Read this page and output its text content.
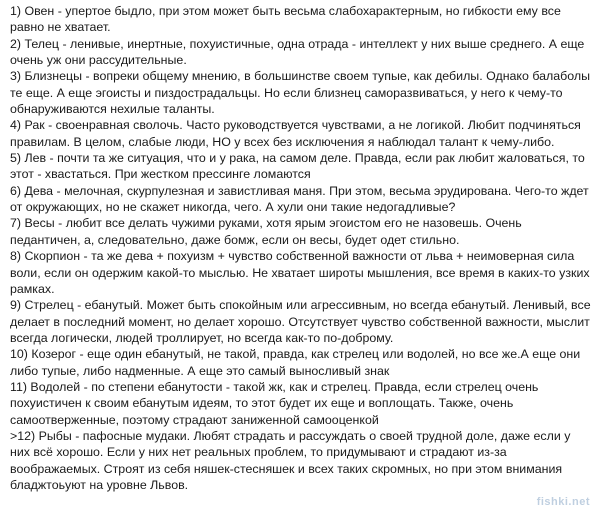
1) Овен - упертое быдло, при этом может быть весьма слабохарактерным, но гибкости ему все равно не хватает.

2) Телец - ленивые, инертные, похуистичные, одна отрада - интеллект у них выше среднего. А еще очень уж они рассудительные.

3) Близнецы - вопреки общему мнению, в большинстве своем тупые, как дебилы. Однако балаболы те еще. А еще эгоисты и пиздострадальцы. Но если близнец саморазвиваться, у него к чему-то обнаруживаются нехилые таланты.

4) Рак - своенравная сволочь. Часто руководствуется чувствами, а не логикой. Любит подчиняться правилам. В целом, слабые люди, НО у всех без исключения я наблюдал талант к чему-либо.

5) Лев - почти та же ситуация, что и у рака, на самом деле. Правда, если рак любит жаловаться, то этот - хвастаться. При жестком прессинге ломаются

6) Дева - мелочная, скурпулезная и завистливая маня. При этом, весьма эрудирована. Чего-то ждет от окружающих, но не скажет никогда, чего. А хули они такие недогадливые?

7) Весы - любит все делать чужими руками, хотя ярым эгоистом его не назовешь. Очень педантичен, а, следовательно, даже бомж, если он весы, будет одет стильно.

8) Скорпион - та же дева + похуизм + чувство собственной важности от льва + неимоверная сила воли, если он одержим какой-то мыслью. Не хватает широты мышления, все время в каких-то узких рамках.

9) Стрелец - ебанутый. Может быть спокойным или агрессивным, но всегда ебанутый. Ленивый, все делает в последний момент, но делает хорошо. Отсутствует чувство собственной важности, мыслит всегда логически, людей троллирует, но всегда как-то по-доброму.

10) Козерог - еще один ебанутый, не такой, правда, как стрелец или водолей, но все же.А еще они либо тупые, либо надменные. А еще это самый выносливый знак

11) Водолей - по степени ебанутости - такой жк, как и стрелец. Правда, если стрелец очень похуистичен к своим ебанутым идеям, то этот будет их еще и воплощать. Также, очень самоотверженные, поэтому страдают заниженной самооценкой

>12) Рыбы - пафосные мудаки. Любят страдать и рассуждать о своей трудной доле, даже если у них всё хорошо. Если у них нет реальных проблем, то придумывают и страдают из-за воображаемых. Строят из себя няшек-стесняшек и всех таких скромных, но при этом внимания бладжтоьуют на уровне Львов.

fishki.net
